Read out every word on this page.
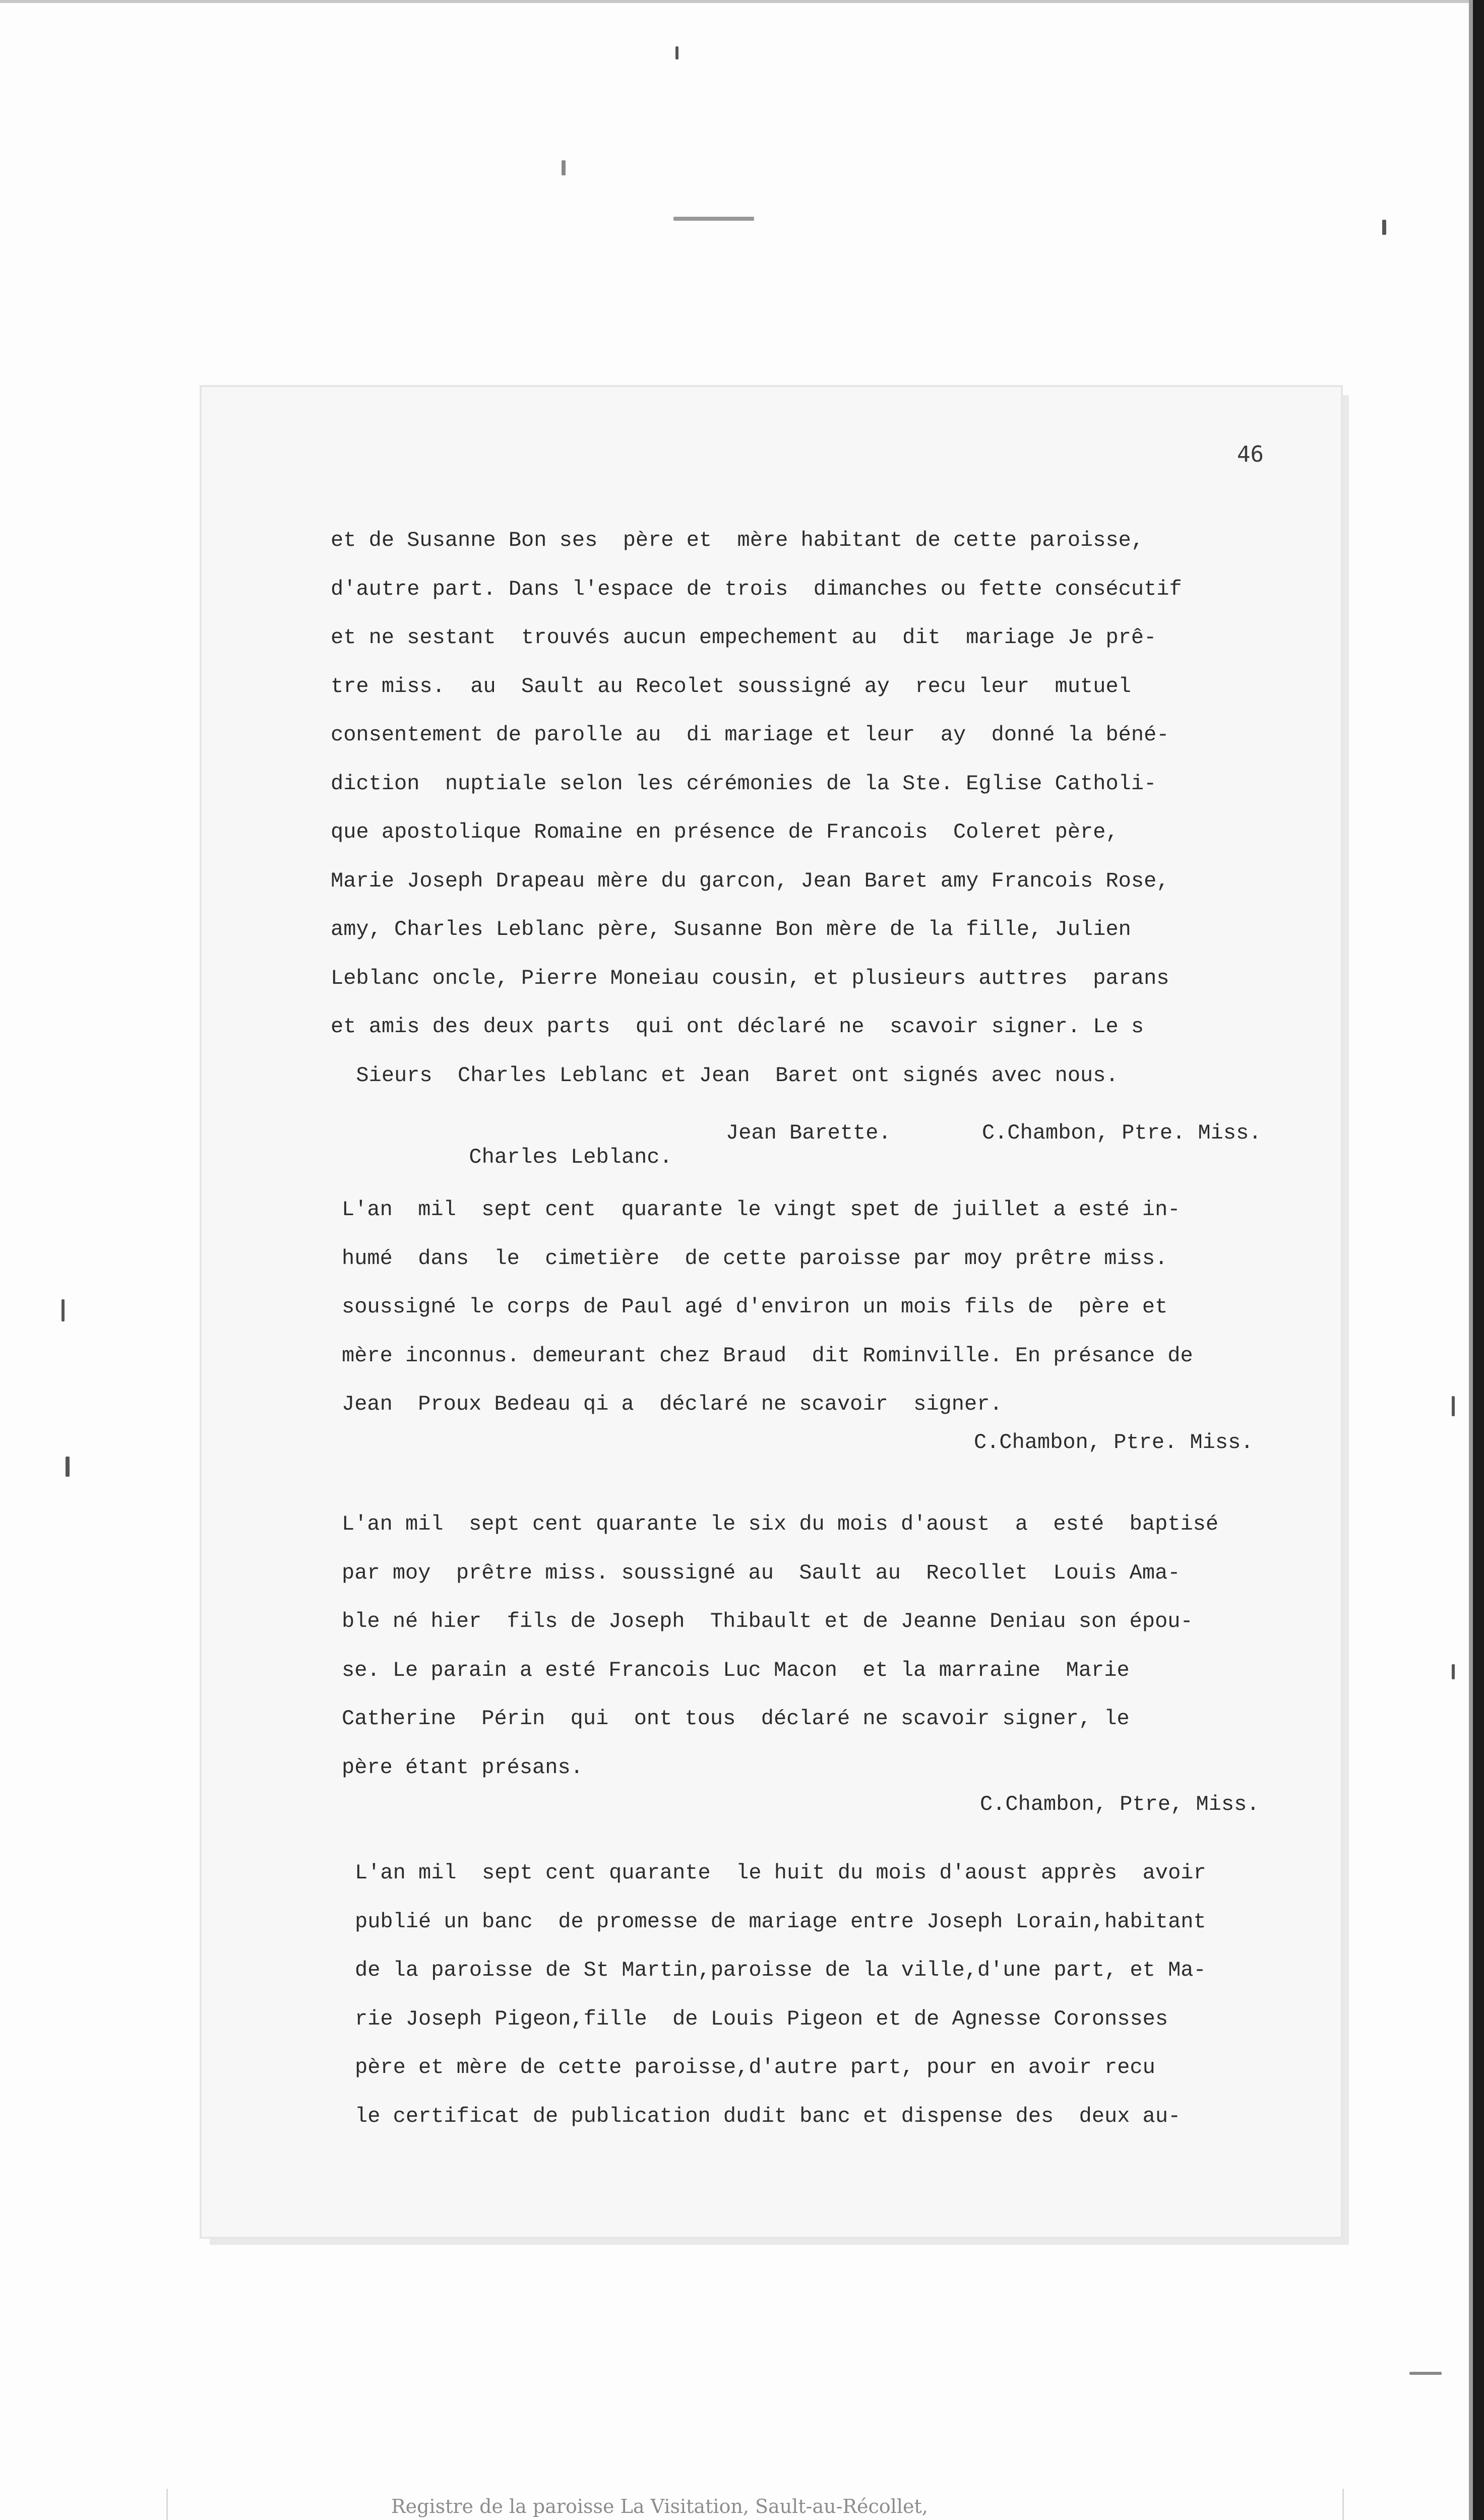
46
et de Susanne Bon ses  père et  mère habitant de cette paroisse,
d'autre part. Dans l'espace de trois  dimanches ou fette consécutif
et ne sestant  trouvés aucun empechement au  dit  mariage Je prê-
tre miss.  au  Sault au Recolet soussigné ay  recu leur  mutuel
consentement de parolle au  di mariage et leur  ay  donné la béné-
diction  nuptiale selon les cérémonies de la Ste. Eglise Catholi-
que apostolique Romaine en présence de Francois  Coleret père,
Marie Joseph Drapeau mère du garcon, Jean Baret amy Francois Rose,
amy, Charles Leblanc père, Susanne Bon mère de la fille, Julien
Leblanc oncle, Pierre Moneiau cousin, et plusieurs auttres  parans
et amis des deux parts  qui ont déclaré ne  scavoir signer. Le s
Sieurs  Charles Leblanc et Jean  Baret ont signés avec nous.

Charles Leblanc.

Jean Barette.

	C.Chambon, Ptre. Miss.

L'an  mil  sept cent  quarante le vingt spet de juillet a esté in-
humé  dans  le  cimetière  de cette paroisse par moy prêtre miss.
soussigné le corps de Paul agé d'environ un mois fils de  père et
mère inconnus. demeurant chez Braud  dit Rominville. En présance de
Jean  Proux Bedeau qi a  déclaré ne scavoir  signer.
C.Chambon, Ptre. Miss.
L'an mil  sept cent quarante le six du mois d'aoust  a  esté  baptisé
par moy  prêtre miss. soussigné au  Sault au  Recollet  Louis Ama-
ble né hier  fils de Joseph  Thibault et de Jeanne Deniau son épou-
se. Le parain a esté Francois Luc Macon  et la marraine  Marie
Catherine  Périn  qui  ont tous  déclaré ne scavoir signer, le
père étant présans.
C.Chambon, Ptre, Miss.
L'an mil  sept cent quarante  le huit du mois d'aoust apprès  avoir
publié un banc  de promesse de mariage entre Joseph Lorain,habitant
de la paroisse de St Martin,paroisse de la ville,d'une part, et Ma-
rie Joseph Pigeon,fille  de Louis Pigeon et de Agnesse Coronsses
père et mère de cette paroisse,d'autre part, pour en avoir recu
le certificat de publication dudit banc et dispense des  deux au-

Registre de la paroisse La Visitation, Sault-au-Récollet,
